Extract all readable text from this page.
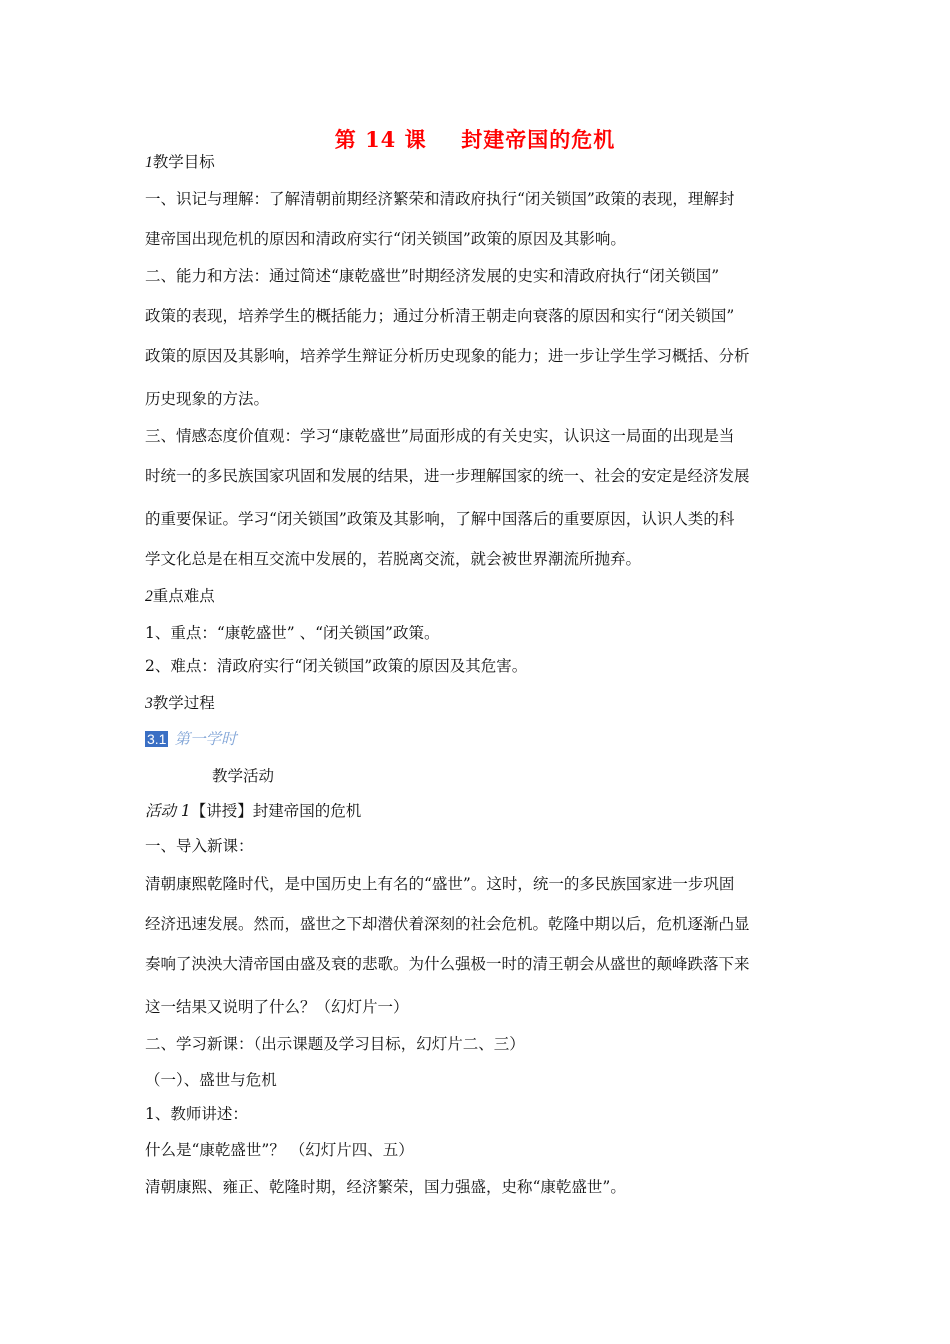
第 14 课 封建帝国的危机
1教学目标
一、识记与理解：了解清朝前期经济繁荣和清政府执行“闭关锁国”政策的表现，理解封
建帝国出现危机的原因和清政府实行“闭关锁国”政策的原因及其影响。
二、能力和方法：通过简述“康乾盛世”时期经济发展的史实和清政府执行“闭关锁国”
政策的表现，培养学生的概括能力；通过分析清王朝走向衰落的原因和实行“闭关锁国”
政策的原因及其影响，培养学生辩证分析历史现象的能力；进一步让学生学习概括、分析
历史现象的方法。
三、情感态度价值观：学习“康乾盛世”局面形成的有关史实，认识这一局面的出现是当
时统一的多民族国家巩固和发展的结果，进一步理解国家的统一、社会的安定是经济发展
的重要保证。学习“闭关锁国”政策及其影响，了解中国落后的重要原因，认识人类的科
学文化总是在相互交流中发展的，若脱离交流，就会被世界潮流所抛弃。
2重点难点
1、重点：“康乾盛世” 、“闭关锁国”政策。
2、难点：清政府实行“闭关锁国”政策的原因及其危害。
3教学过程
3.1 第一学时
教学活动
活动 1【讲授】封建帝国的危机
一、导入新课：
清朝康熙乾隆时代，是中国历史上有名的“盛世”。这时，统一的多民族国家进一步巩固
经济迅速发展。然而，盛世之下却潜伏着深刻的社会危机。乾隆中期以后，危机逐渐凸显
奏响了泱泱大清帝国由盛及衰的悲歌。为什么强极一时的清王朝会从盛世的颠峰跌落下来
这一结果又说明了什么？（幻灯片一）
二、学习新课：（出示课题及学习目标，幻灯片二、三）
（一）、盛世与危机
1、教师讲述：
什么是“康乾盛世”？ （幻灯片四、五）
清朝康熙、雍正、乾隆时期，经济繁荣，国力强盛，史称“康乾盛世”。
